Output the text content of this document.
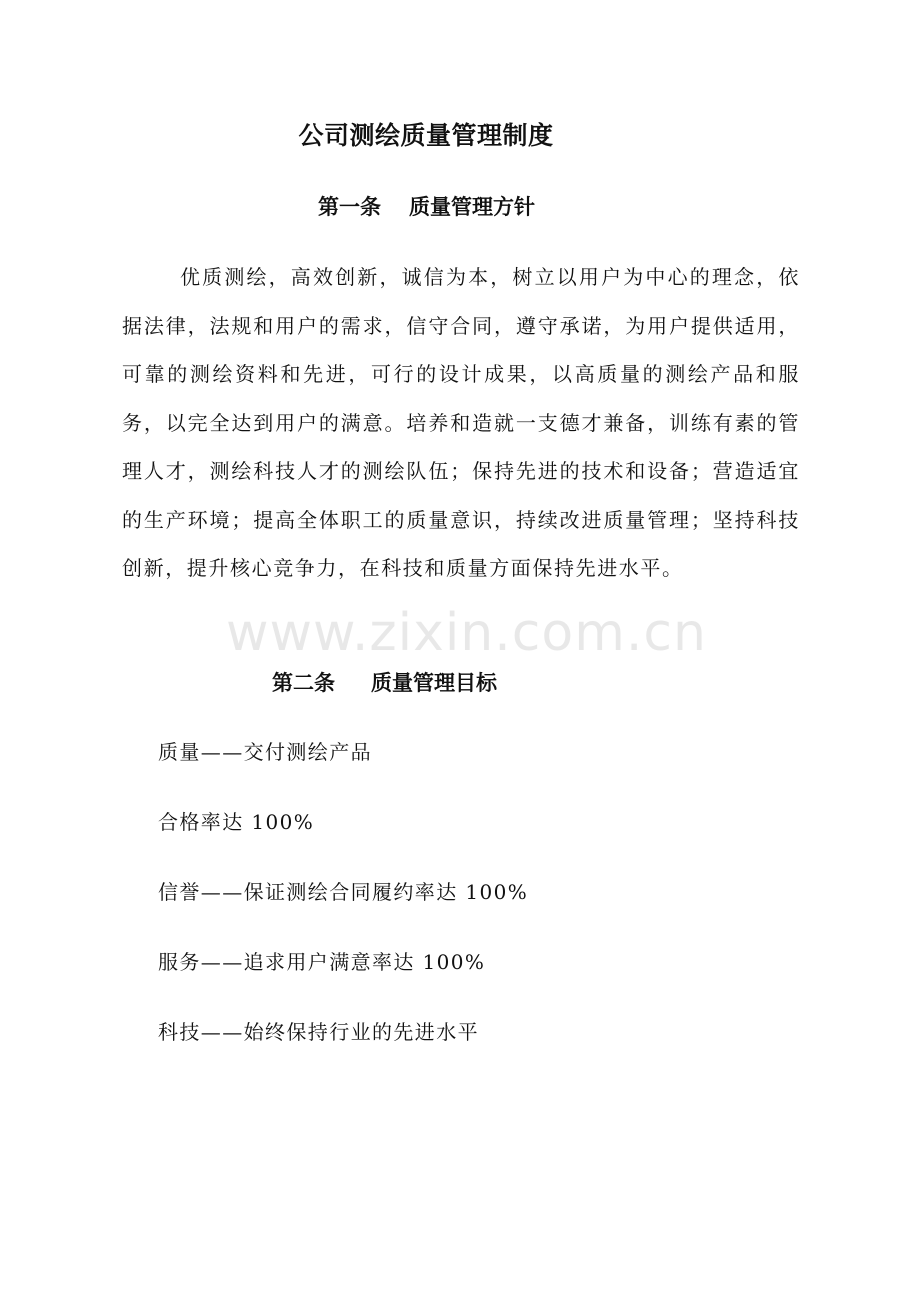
公司测绘质量管理制度
第一条 质量管理方针

优质测绘，高效创新，诚信为本，树立以用户为中心的理念，依据法律，法规和用户的需求，信守合同，遵守承诺，为用户提供适用，可靠的测绘资料和先进，可行的设计成果，以高质量的测绘产品和服务，以完全达到用户的满意。培养和造就一支德才兼备，训练有素的管理人才，测绘科技人才的测绘队伍；保持先进的技术和设备；营造适宜的生产环境；提高全体职工的质量意识，持续改进质量管理；坚持科技创新，提升核心竞争力，在科技和质量方面保持先进水平。

www.zixin.com.cn
第二条 质量管理目标
质量——交付测绘产品
合格率达 100%
信誉——保证测绘合同履约率达 100%
服务——追求用户满意率达 100%
科技——始终保持行业的先进水平
